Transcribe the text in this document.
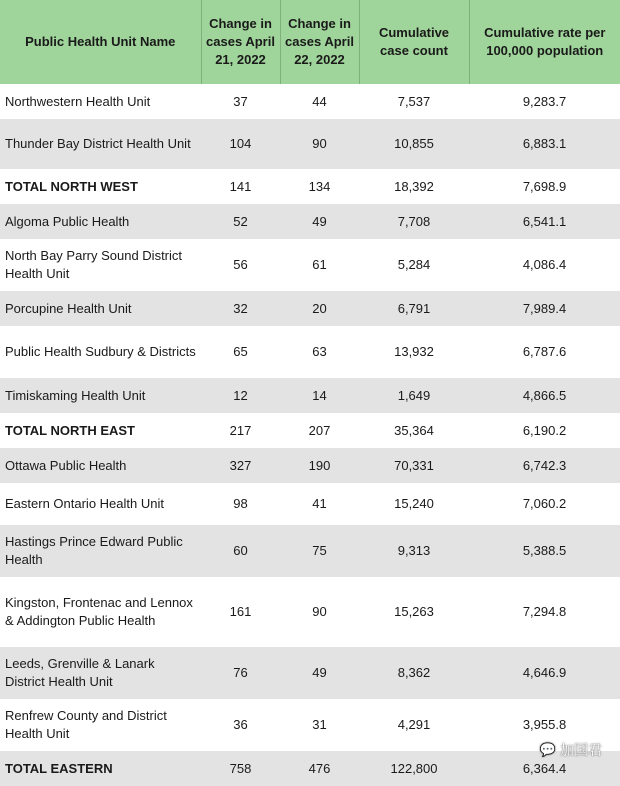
Public Health Unit Name	Change in cases April 21, 2022	Change in cases April 22, 2022	Cumulative case count	Cumulative rate per 100,000 population
Northwestern Health Unit	37	44	7,537	9,283.7
Thunder Bay District Health Unit	104	90	10,855	6,883.1
TOTAL NORTH WEST	141	134	18,392	7,698.9
Algoma Public Health	52	49	7,708	6,541.1
North Bay Parry Sound District Health Unit	56	61	5,284	4,086.4
Porcupine Health Unit	32	20	6,791	7,989.4
Public Health Sudbury & Districts	65	63	13,932	6,787.6
Timiskaming Health Unit	12	14	1,649	4,866.5
TOTAL NORTH EAST	217	207	35,364	6,190.2
Ottawa Public Health	327	190	70,331	6,742.3
Eastern Ontario Health Unit	98	41	15,240	7,060.2
Hastings Prince Edward Public Health	60	75	9,313	5,388.5
Kingston, Frontenac and Lennox & Addington Public Health	161	90	15,263	7,294.8
Leeds, Grenville & Lanark District Health Unit	76	49	8,362	4,646.9
Renfrew County and District Health Unit	36	31	4,291	3,955.8
TOTAL EASTERN	758	476	122,800	6,364.4
💬 加国君
